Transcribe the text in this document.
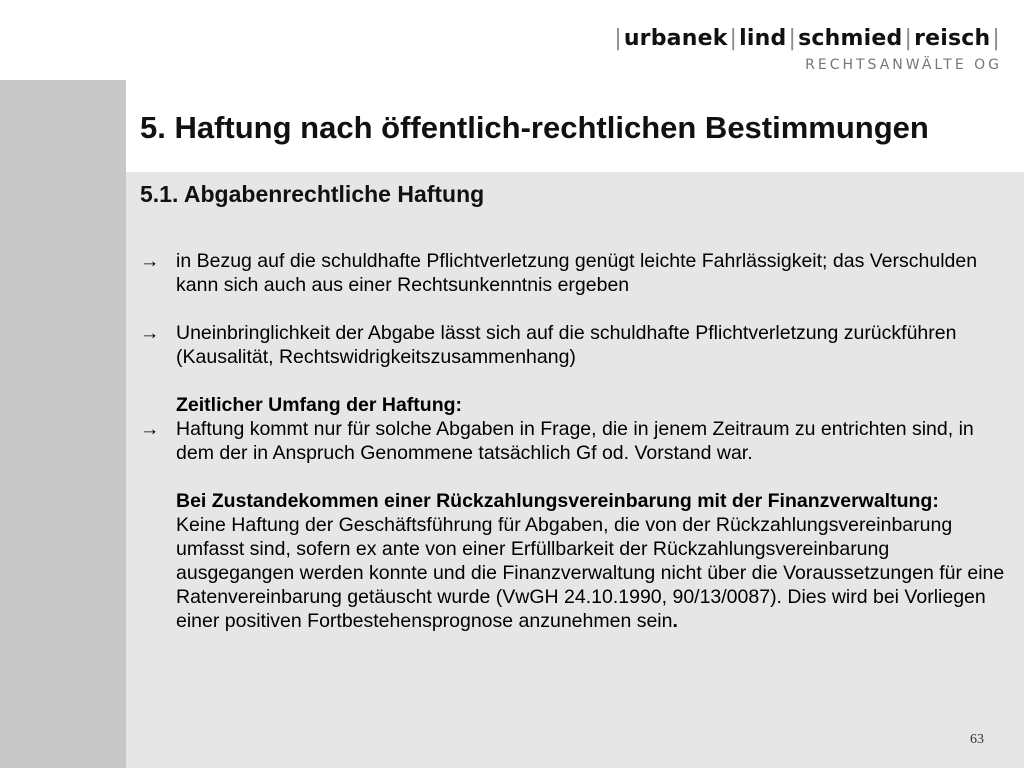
|urbanek|lind|schmied|reisch|
RECHTSANWÄLTE OG
5. Haftung nach öffentlich-rechtlichen Bestimmungen
5.1. Abgabenrechtliche Haftung
→ in Bezug auf die schuldhafte Pflichtverletzung genügt leichte Fahrlässigkeit; das Verschulden kann sich auch aus einer Rechtsunkenntnis ergeben
→ Uneinbringlichkeit der Abgabe lässt sich auf die schuldhafte Pflichtverletzung zurückführen (Kausalität, Rechtswidrigkeitszusammenhang)
Zeitlicher Umfang der Haftung:
→ Haftung kommt nur für solche Abgaben in Frage, die in jenem Zeitraum zu entrichten sind, in dem der in Anspruch Genommene tatsächlich Gf od. Vorstand war.
Bei Zustandekommen einer Rückzahlungsvereinbarung mit der Finanzverwaltung:
Keine Haftung der Geschäftsführung für Abgaben, die von der Rückzahlungsvereinbarung umfasst sind, sofern ex ante von einer Erfüllbarkeit der Rückzahlungsvereinbarung ausgegangen werden konnte und die Finanzverwaltung nicht über die Voraussetzungen für eine Ratenvereinbarung getäuscht wurde (VwGH 24.10.1990, 90/13/0087). Dies wird bei Vorliegen einer positiven Fortbestehensprognose anzunehmen sein.
63
